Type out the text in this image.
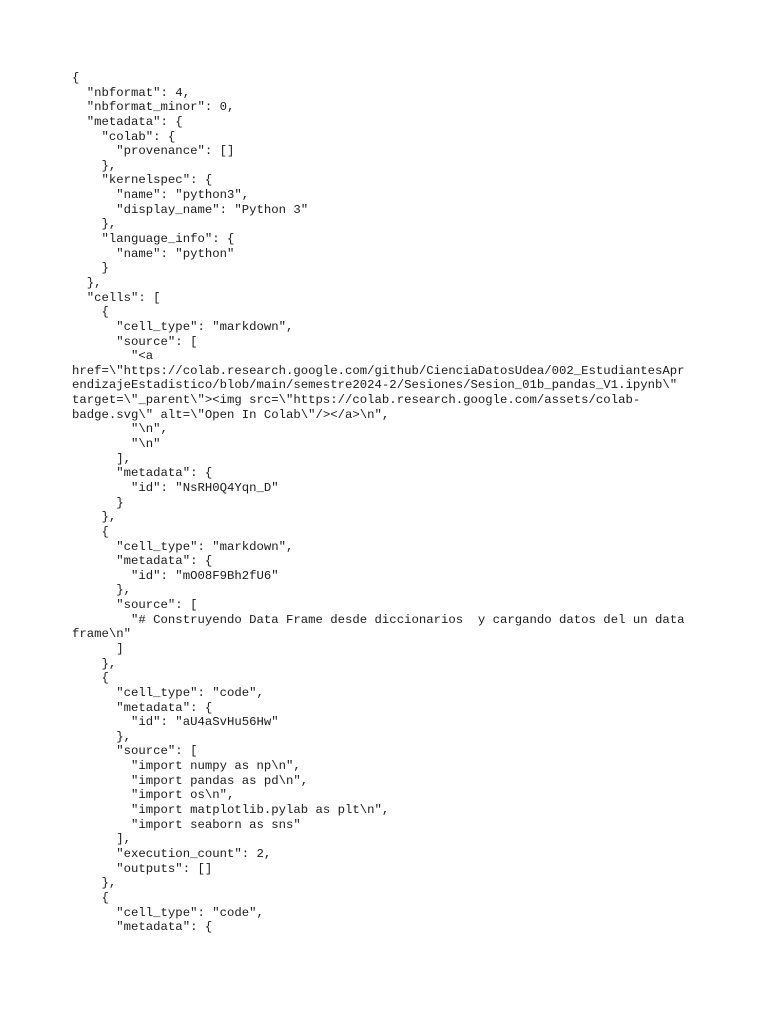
{
"nbformat": 4,
"nbformat_minor": 0,
"metadata": {
"colab": {
"provenance": []
},
"kernelspec": {
"name": "python3",
"display_name": "Python 3"
},
"language_info": {
"name": "python"
}
},
"cells": [
{
"cell_type": "markdown",
"source": [
"<a
href=\"https://colab.research.google.com/github/CienciaDatosUdea/002_EstudiantesApr
endizajeEstadistico/blob/main/semestre2024-2/Sesiones/Sesion_01b_pandas_V1.ipynb\"
target=\"_parent\"><img src=\"https://colab.research.google.com/assets/colab-
badge.svg\" alt=\"Open In Colab\"/></a>\n",
"\n",
"\n"
],
"metadata": {
"id": "NsRH0Q4Yqn_D"
}
},
{
"cell_type": "markdown",
"metadata": {
"id": "mO08F9Bh2fU6"
},
"source": [
"# Construyendo Data Frame desde diccionarios  y cargando datos del un data
frame\n"
]
},
{
"cell_type": "code",
"metadata": {
"id": "aU4aSvHu56Hw"
},
"source": [
"import numpy as np\n",
"import pandas as pd\n",
"import os\n",
"import matplotlib.pylab as plt\n",
"import seaborn as sns"
],
"execution_count": 2,
"outputs": []
},
{
"cell_type": "code",
"metadata": {
